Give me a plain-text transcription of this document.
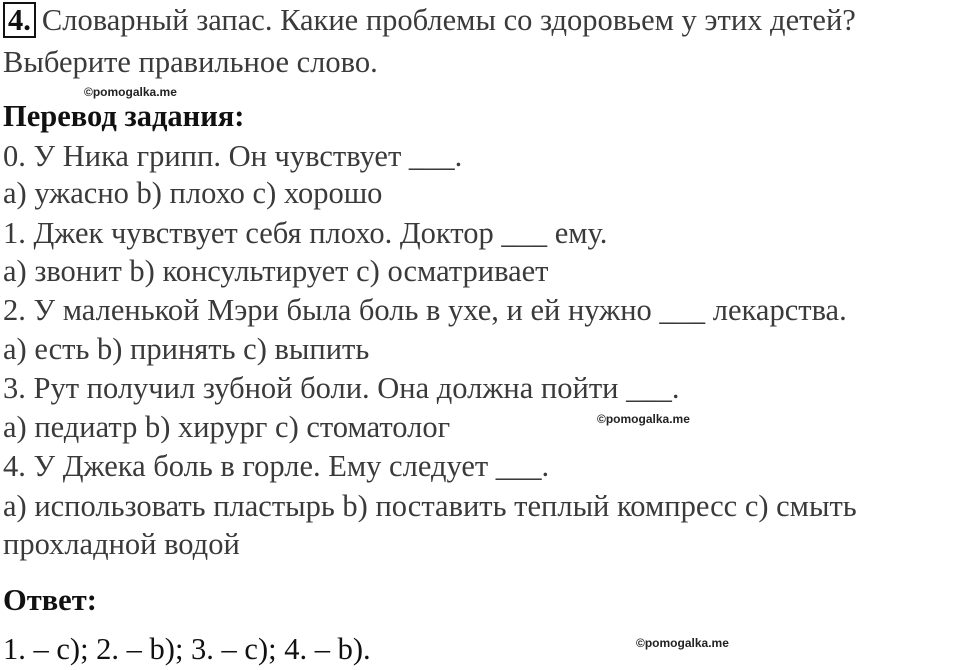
4. Словарный запас. Какие проблемы со здоровьем у этих детей?
Выберите правильное слово.
©pomogalka.me
Перевод задания:
0. У Ника грипп. Он чувствует ___.
a) ужасно b) плохо c) хорошо
1. Джек чувствует себя плохо. Доктор ___ ему.
a) звонит b) консультирует c) осматривает
2. У маленькой Мэри была боль в ухе, и ей нужно ___ лекарства.
a) есть b) принять c) выпить
3. Рут получил зубной боли. Она должна пойти ___.
©pomogalka.me
a) педиатр b) хирург c) стоматолог
4. У Джека боль в горле. Ему следует ___.
a) использовать пластырь b) поставить теплый компресс c) смыть
прохладной водой
Ответ:
1. – c); 2. – b); 3. – c); 4. – b).	©pomogalka.me
